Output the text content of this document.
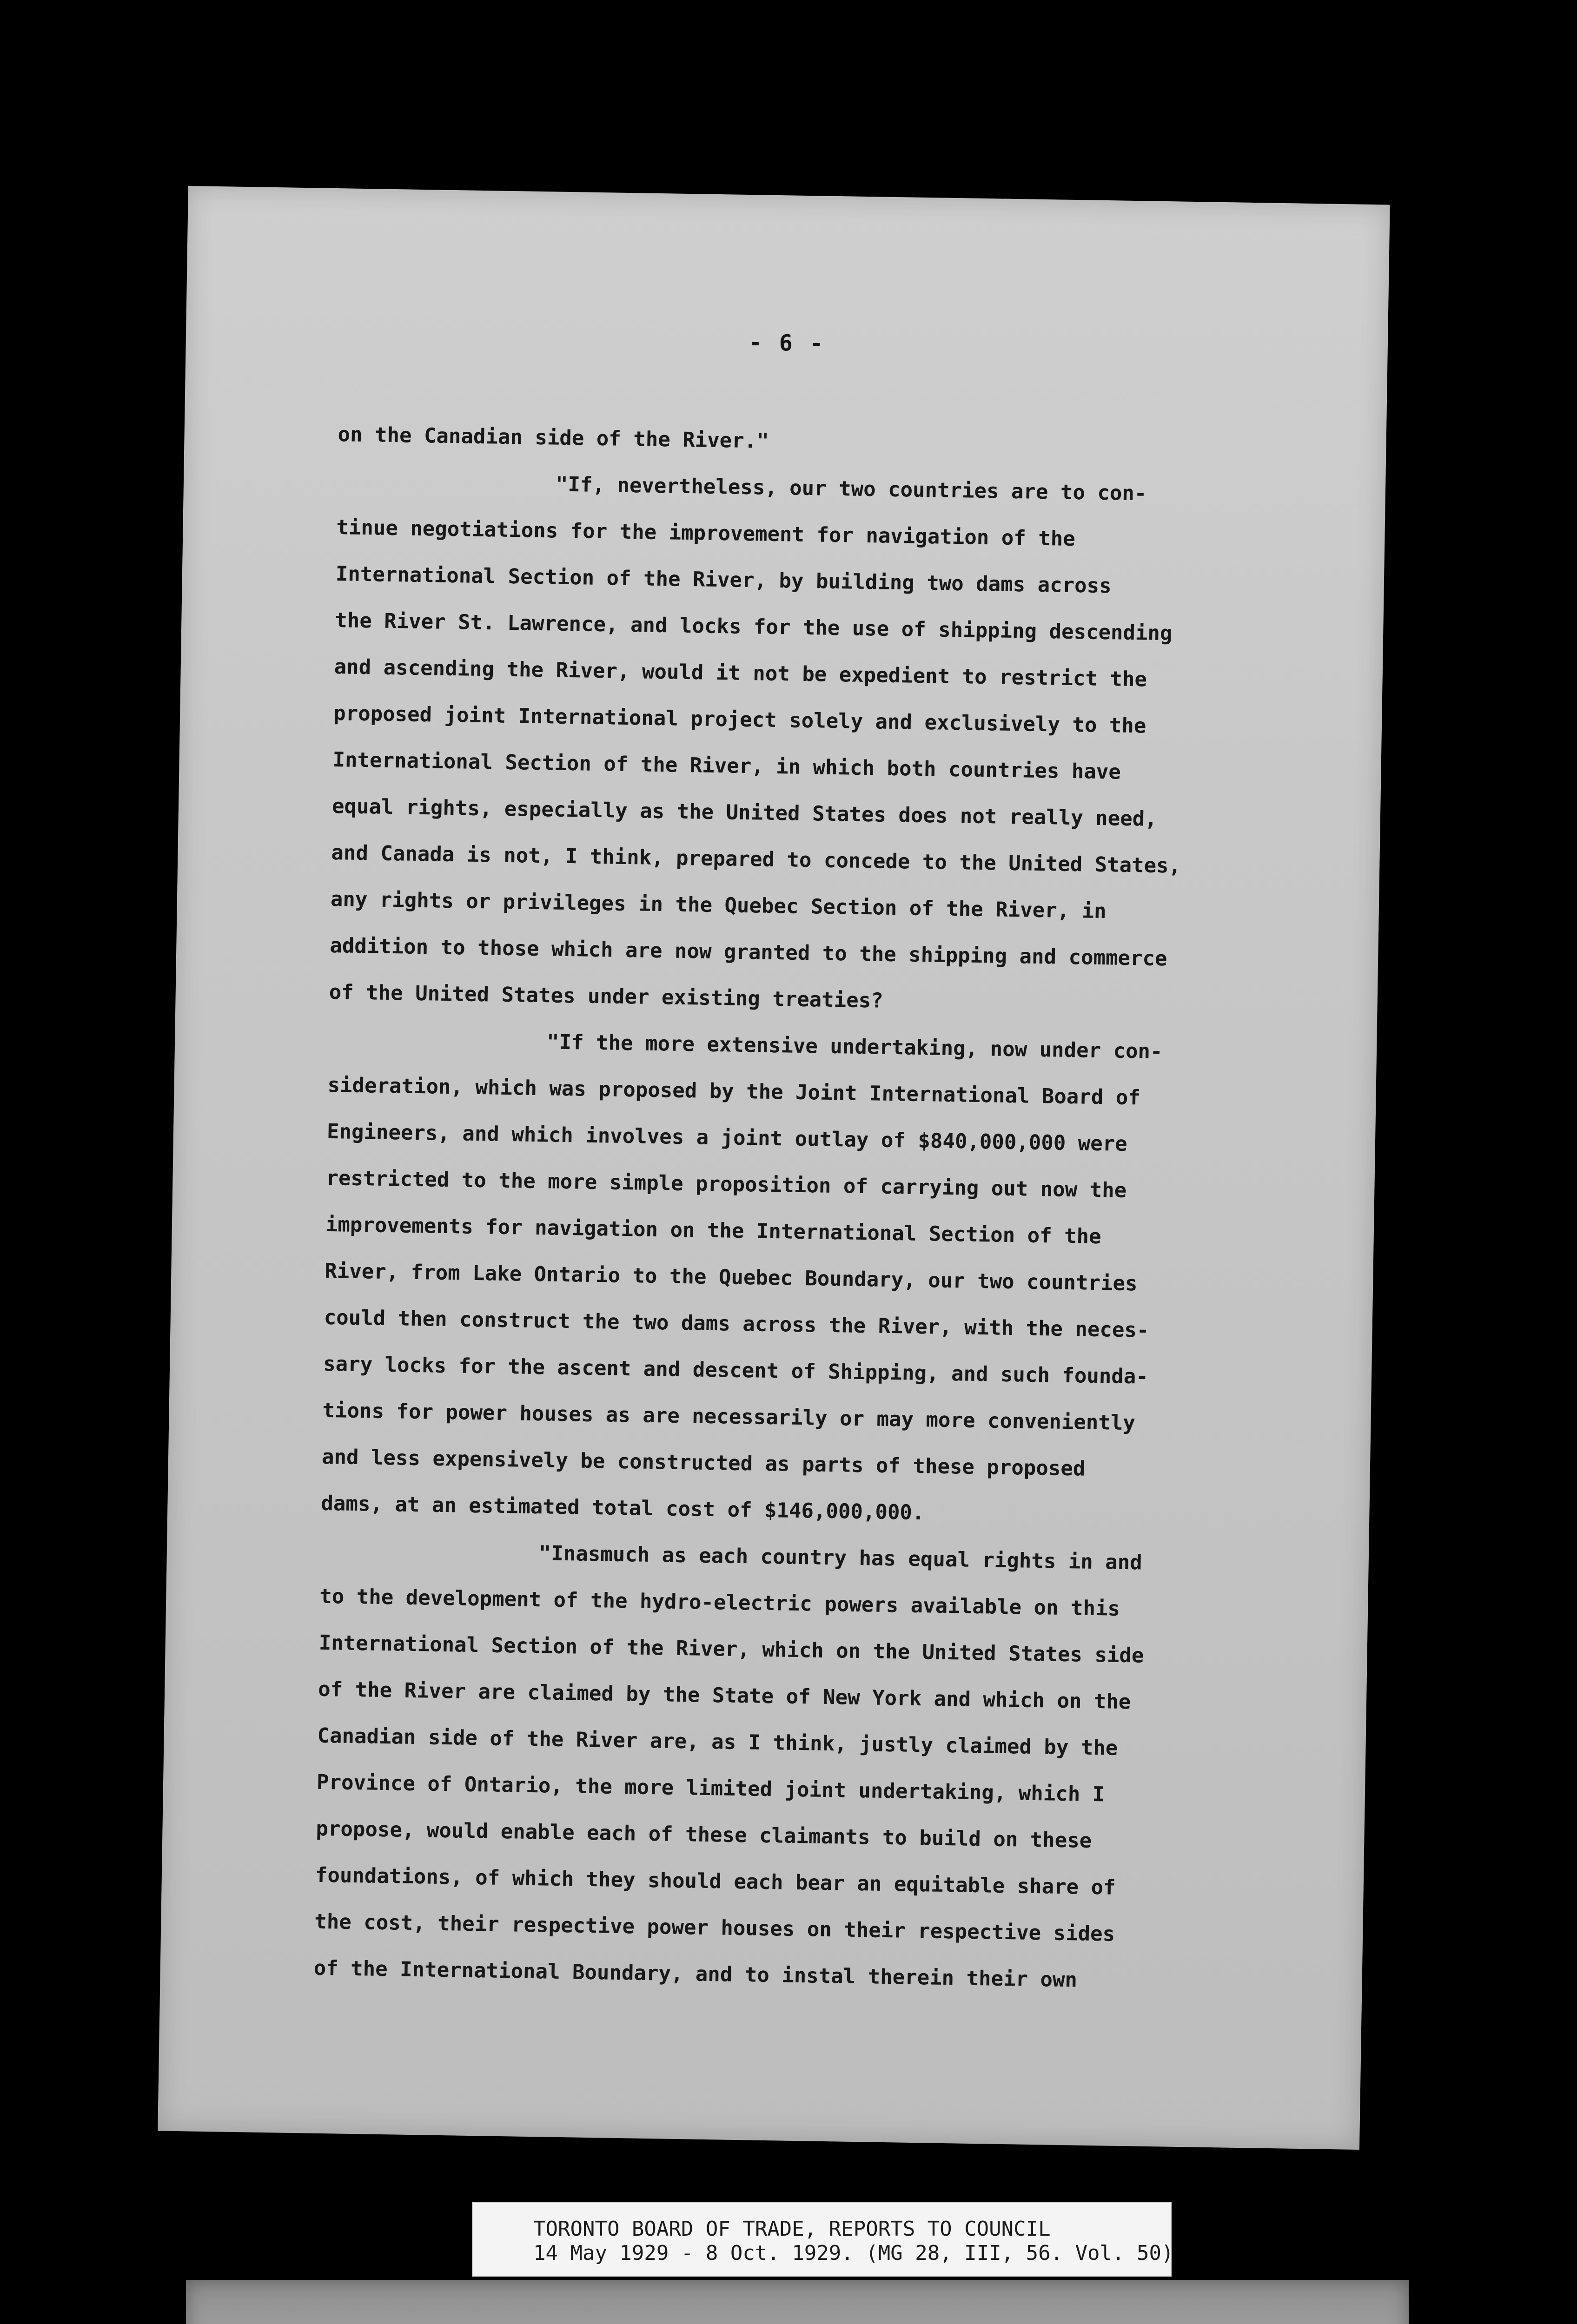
- 6 -
on the Canadian side of the River."
"If, nevertheless, our two countries are to con-
tinue negotiations for the improvement for navigation of the
International Section of the River, by building two dams across
the River St. Lawrence, and locks for the use of shipping descending
and ascending the River, would it not be expedient to restrict the
proposed joint International project solely and exclusively to the
International Section of the River, in which both countries have
equal rights, especially as the United States does not really need,
and Canada is not, I think, prepared to concede to the United States,
any rights or privileges in the Quebec Section of the River, in
addition to those which are now granted to the shipping and commerce
of the United States under existing treaties?
"If the more extensive undertaking, now under con-
sideration, which was proposed by the Joint International Board of
Engineers, and which involves a joint outlay of $840,000,000 were
restricted to the more simple proposition of carrying out now the
improvements for navigation on the International Section of the
River, from Lake Ontario to the Quebec Boundary, our two countries
could then construct the two dams across the River, with the neces-
sary locks for the ascent and descent of Shipping, and such founda-
tions for power houses as are necessarily or may more conveniently
and less expensively be constructed as parts of these proposed
dams, at an estimated total cost of $146,000,000.
"Inasmuch as each country has equal rights in and
to the development of the hydro-electric powers available on this
International Section of the River, which on the United States side
of the River are claimed by the State of New York and which on the
Canadian side of the River are, as I think, justly claimed by the
Province of Ontario, the more limited joint undertaking, which I
propose, would enable each of these claimants to build on these
foundations, of which they should each bear an equitable share of
the cost, their respective power houses on their respective sides
of the International Boundary, and to instal therein their own
TORONTO BOARD OF TRADE, REPORTS TO COUNCIL
14 May 1929 - 8 Oct. 1929. (MG 28, III, 56. Vol. 50)
